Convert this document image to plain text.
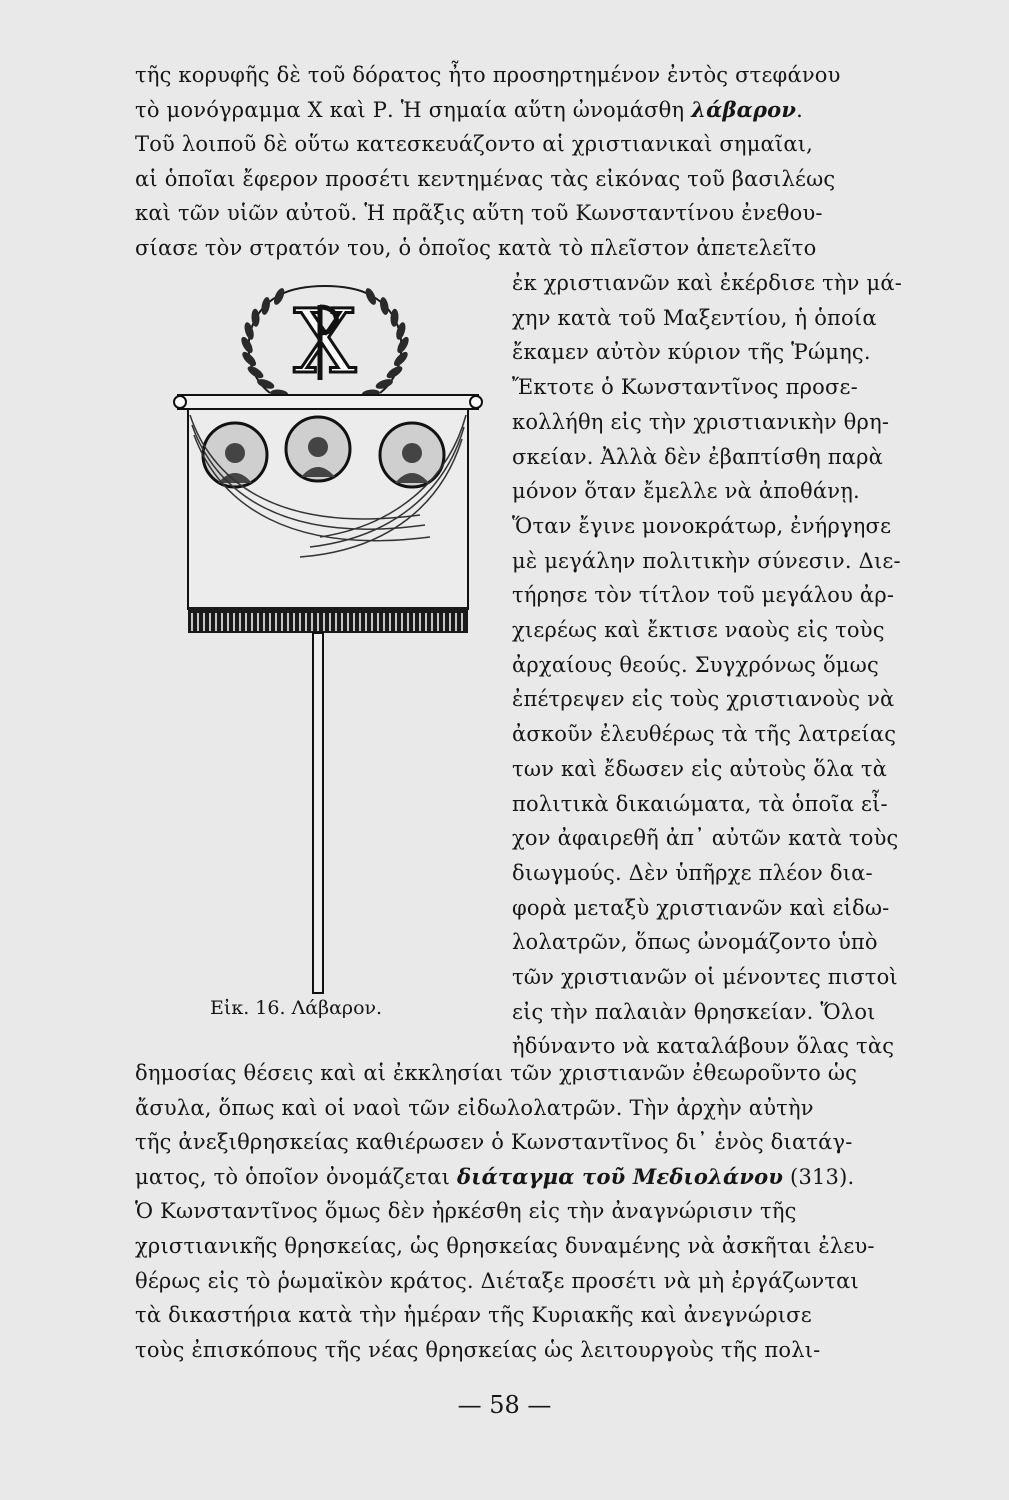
τῆς κορυφῆς δὲ τοῦ δόρατος ἦτο προσηρτημένον ἐντὸς στεφάνου
τὸ μονόγραμμα Χ καὶ Ρ. Ἡ σημαία αὕτη ὠνομάσθη λάβαρον.
Τοῦ λοιποῦ δὲ οὕτω κατεσκευάζοντο αἱ χριστιανικαὶ σημαῖαι,
αἱ ὁποῖαι ἔφερον προσέτι κεντημένας τὰς εἰκόνας τοῦ βασιλέως
καὶ τῶν υἱῶν αὐτοῦ. Ἡ πρᾶξις αὕτη τοῦ Κωνσταντίνου ἐνεθου-
σίασε τὸν στρατόν του, ὁ ὁποῖος κατὰ τὸ πλεῖστον ἀπετελεῖτο
Χ
ἐκ χριστιανῶν καὶ ἐκέρδισε τὴν μά-
χην κατὰ τοῦ Μαξεντίου, ἡ ὁποία
ἔκαμεν αὐτὸν κύριον τῆς Ῥώμης.
Ἔκτοτε ὁ Κωνσταντῖνος προσε-
κολλήθη εἰς τὴν χριστιανικὴν θρη-
σκείαν. Ἀλλὰ δὲν ἐβαπτίσθη παρὰ
μόνον ὅταν ἔμελλε νὰ ἀποθάνῃ.
Ὅταν ἔγινε μονοκράτωρ, ἐνήργησε
μὲ μεγάλην πολιτικὴν σύνεσιν. Διε-
τήρησε τὸν τίτλον τοῦ μεγάλου ἀρ-
χιερέως καὶ ἔκτισε ναοὺς εἰς τοὺς
ἀρχαίους θεούς. Συγχρόνως ὅμως
ἐπέτρεψεν εἰς τοὺς χριστιανοὺς νὰ
ἀσκοῦν ἐλευθέρως τὰ τῆς λατρείας
των καὶ ἔδωσεν εἰς αὐτοὺς ὅλα τὰ
πολιτικὰ δικαιώματα, τὰ ὁποῖα εἶ-
χον ἀφαιρεθῆ ἀπ᾿ αὐτῶν κατὰ τοὺς
διωγμούς. Δὲν ὑπῆρχε πλέον δια-
φορὰ μεταξὺ χριστιανῶν καὶ εἰδω-
λολατρῶν, ὅπως ὠνομάζοντο ὑπὸ
τῶν χριστιανῶν οἱ μένοντες πιστοὶ
εἰς τὴν παλαιὰν θρησκείαν. Ὅλοι
ἠδύναντο νὰ καταλάβουν ὅλας τὰς
Εἰκ. 16. Λάβαρον.
δημοσίας θέσεις καὶ αἱ ἐκκλησίαι τῶν χριστιανῶν ἐθεωροῦντο ὡς
ἄσυλα, ὅπως καὶ οἱ ναοὶ τῶν εἰδωλολατρῶν. Τὴν ἀρχὴν αὐτὴν
τῆς ἀνεξιθρησκείας καθιέρωσεν ὁ Κωνσταντῖνος δι᾿ ἑνὸς διατάγ-
ματος, τὸ ὁποῖον ὀνομάζεται διάταγμα τοῦ Μεδιολάνου (313).
Ὁ Κωνσταντῖνος ὅμως δὲν ἠρκέσθη εἰς τὴν ἀναγνώρισιν τῆς
χριστιανικῆς θρησκείας, ὡς θρησκείας δυναμένης νὰ ἀσκῆται ἐλευ-
θέρως εἰς τὸ ῥωμαϊκὸν κράτος. Διέταξε προσέτι νὰ μὴ ἐργάζωνται
τὰ δικαστήρια κατὰ τὴν ἡμέραν τῆς Κυριακῆς καὶ ἀνεγνώρισε
τοὺς ἐπισκόπους τῆς νέας θρησκείας ὡς λειτουργοὺς τῆς πολι-
— 58 —
